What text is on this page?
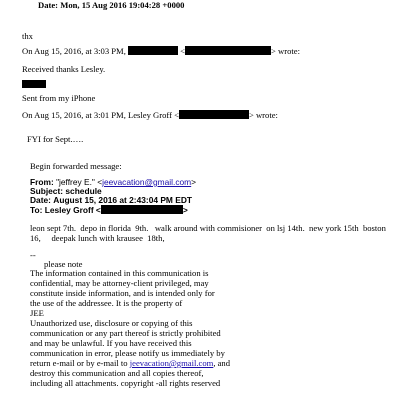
Date: Mon, 15 Aug 2016 19:04:28 +0000
thx
On Aug 15, 2016, at 3:03 PM,	<	> wrote:
Received thanks Lesley.
Sent from my iPhone
On Aug 15, 2016, at 3:01 PM, Lesley Groff <	> wrote:
FYI for Sept.….
Begin forwarded message:
From: "jeffrey E." <jeevacation@gmail.com>
Subject: schedule
Date: August 15, 2016 at 2:43:04 PM EDT
To: Lesley Groff <	>
leon sept 7th.  depo in florida  9th.   walk around with commisioner  on lsj 14th.  new york 15th  boston
16,     deepak lunch with krausee  18th,
--
please note
The information contained in this communication is
confidential, may be attorney-client privileged, may
constitute inside information, and is intended only for
the use of the addressee. It is the property of
JEE
Unauthorized use, disclosure or copying of this
communication or any part thereof is strictly prohibited
and may be unlawful. If you have received this
communication in error, please notify us immediately by
return e-mail or by e-mail to jeevacation@gmail.com, and
destroy this communication and all copies thereof,
including all attachments. copyright -all rights reserved
